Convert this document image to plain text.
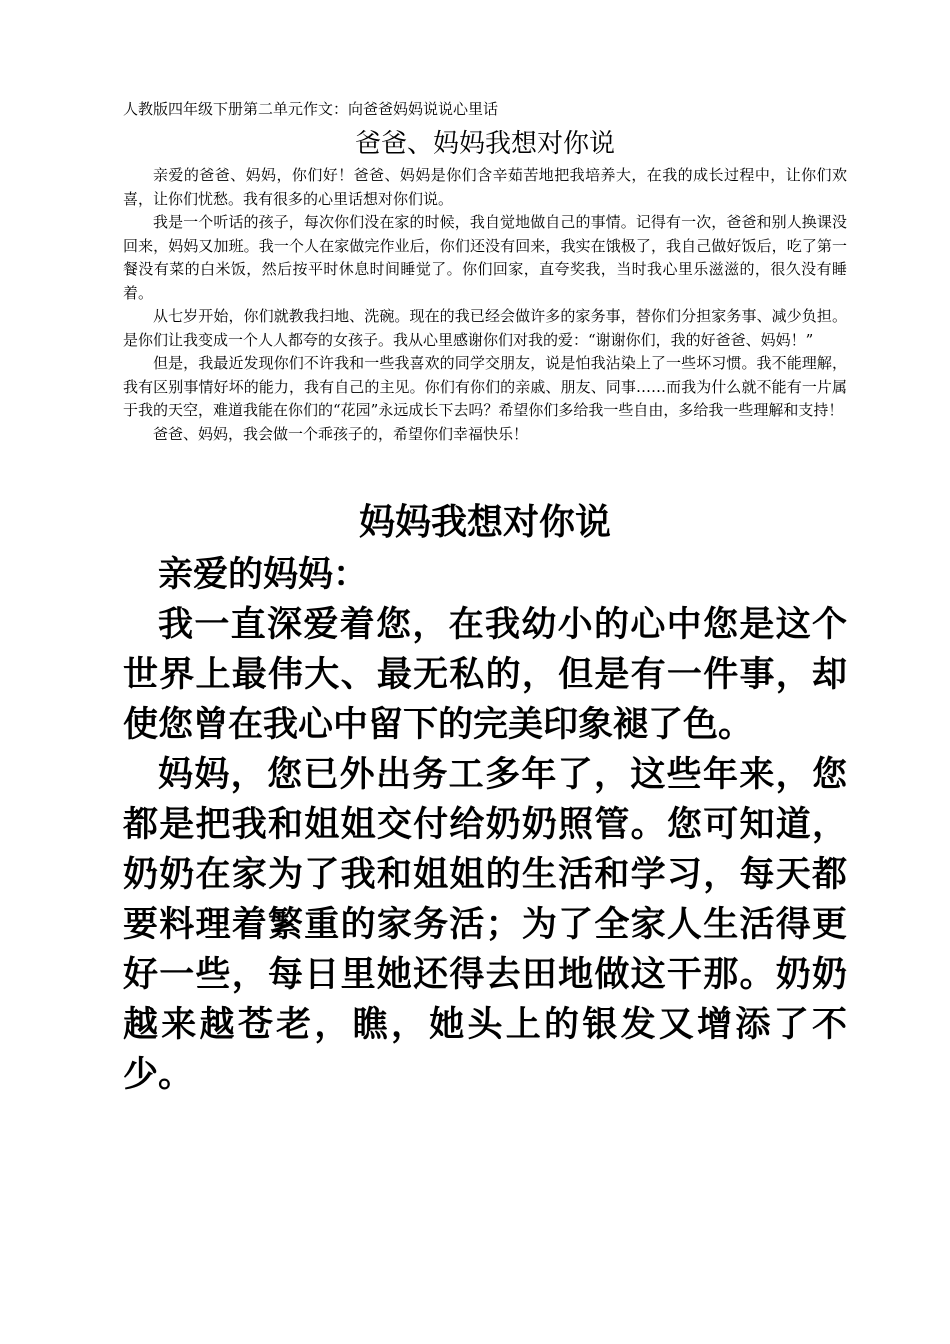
人教版四年级下册第二单元作文：向爸爸妈妈说说心里话
爸爸、妈妈我想对你说

亲爱的爸爸、妈妈，你们好！爸爸、妈妈是你们含辛茹苦地把我培养大，在我的成长过程中，让你们欢喜，让你们忧愁。我有很多的心里话想对你们说。

我是一个听话的孩子，每次你们没在家的时候，我自觉地做自己的事情。记得有一次，爸爸和别人换课没回来，妈妈又加班。我一个人在家做完作业后，你们还没有回来，我实在饿极了，我自己做好饭后，吃了第一餐没有菜的白米饭，然后按平时休息时间睡觉了。你们回家，直夸奖我，当时我心里乐滋滋的，很久没有睡着。

从七岁开始，你们就教我扫地、洗碗。现在的我已经会做许多的家务事，替你们分担家务事、减少负担。是你们让我变成一个人人都夸的女孩子。我从心里感谢你们对我的爱：“谢谢你们，我的好爸爸、妈妈！”

但是，我最近发现你们不许我和一些我喜欢的同学交朋友，说是怕我沾染上了一些坏习惯。我不能理解，我有区别事情好坏的能力，我有自己的主见。你们有你们的亲戚、朋友、同事……而我为什么就不能有一片属于我的天空，难道我能在你们的“花园”永远成长下去吗？希望你们多给我一些自由，多给我一些理解和支持！

爸爸、妈妈，我会做一个乖孩子的，希望你们幸福快乐！

妈妈我想对你说

亲爱的妈妈：

我一直深爱着您，在我幼小的心中您是这个世界上最伟大、最无私的，但是有一件事，却使您曾在我心中留下的完美印象褪了色。

妈妈，您已外出务工多年了，这些年来，您都是把我和姐姐交付给奶奶照管。您可知道，奶奶在家为了我和姐姐的生活和学习，每天都要料理着繁重的家务活；为了全家人生活得更好一些，每日里她还得去田地做这干那。奶奶越来越苍老，瞧，她头上的银发又增添了不少。
